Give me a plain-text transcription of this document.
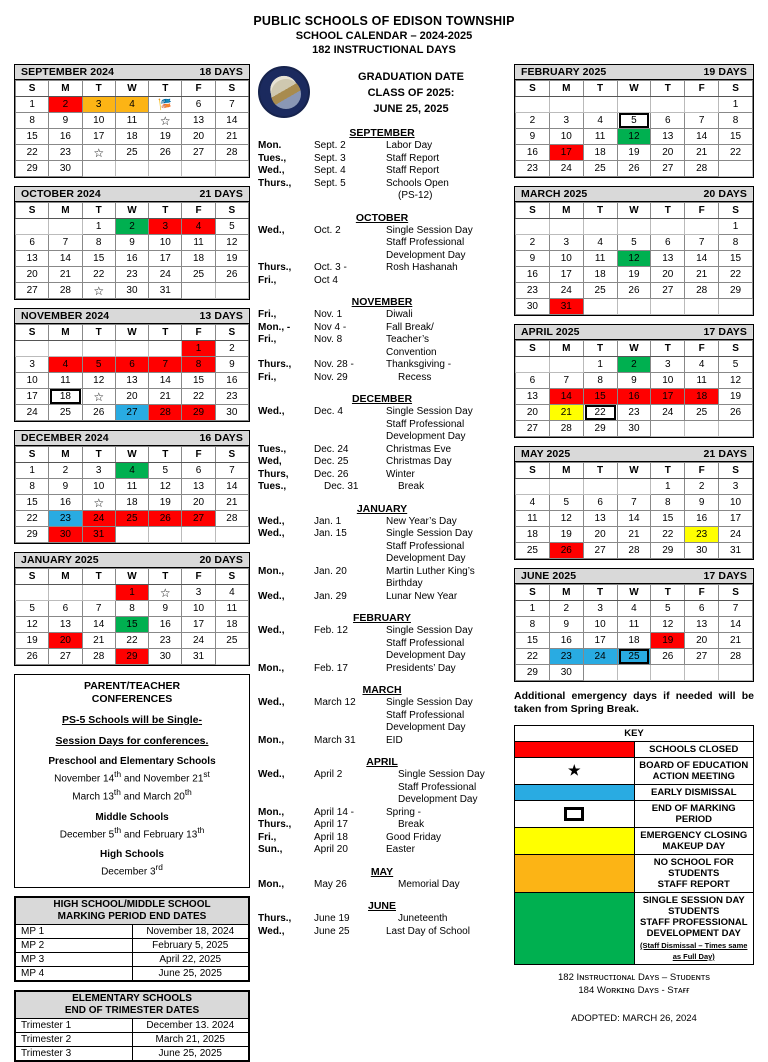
PUBLIC SCHOOLS OF EDISON TOWNSHIP
SCHOOL CALENDAR – 2024-2025
182 INSTRUCTIONAL DAYS
SEPTEMBER 2024	18 DAYS
S	M	T	W	T	F	S
1	2	3	4	🎏	6	7
8	9	10	11	☆	13	14
15	16	17	18	19	20	21
22	23	☆	25	26	27	28
29	30					
OCTOBER 2024	21 DAYS
S	M	T	W	T	F	S
		1	2	3	4	5
6	7	8	9	10	11	12
13	14	15	16	17	18	19
20	21	22	23	24	25	26
27	28	☆	30	31		
NOVEMBER 2024	13 DAYS
S	M	T	W	T	F	S
					1	2
3	4	5	6	7	8	9
10	11	12	13	14	15	16
17	18	☆	20	21	22	23
24	25	26	27	28	29	30
DECEMBER 2024	16 DAYS
S	M	T	W	T	F	S
1	2	3	4	5	6	7
8	9	10	11	12	13	14
15	16	☆	18	19	20	21
22	23	24	25	26	27	28
29	30	31				
JANUARY 2025	20 DAYS
S	M	T	W	T	F	S
			1	☆	3	4
5	6	7	8	9	10	11
12	13	14	15	16	17	18
19	20	21	22	23	24	25
26	27	28	29	30	31	
PARENT/TEACHER
CONFERENCES
PS-5 Schools will be Single-
Session Days for conferences.
Preschool and Elementary Schools
November 14th and November 21st
March 13th and March 20th
Middle Schools
December 5th and February 13th
High Schools
December 3rd
HIGH SCHOOL/MIDDLE SCHOOL
MARKING PERIOD END DATES	
MP 1	November 18, 2024
MP 2	February 5, 2025
MP 3	April 22, 2025
MP 4	June 25, 2025
ELEMENTARY SCHOOLS
END OF TRIMESTER DATES	
Trimester 1	December 13. 2024
Trimester 2	March 21, 2025
Trimester 3	June 25, 2025
GRADUATION DATE
CLASS OF 2025:
JUNE 25, 2025
SEPTEMBER
Mon.	Sept. 2	Labor Day
Tues.,	Sept. 3	Staff Report
Wed.,	Sept. 4	Staff Report
Thurs.,	Sept. 5	Schools Open
		(PS-12)
OCTOBER
Wed.,	Oct. 2	Single Session Day
		Staff Professional
		Development Day
Thurs.,	Oct. 3 -	Rosh Hashanah
Fri.,	Oct 4	
NOVEMBER
Fri.,	Nov. 1	Diwali
Mon., -	Nov 4 -	Fall Break/
Fri.,	Nov. 8	Teacher’s
		Convention
Thurs.,	Nov. 28 -	Thanksgiving -
Fri.,	Nov. 29	Recess
DECEMBER
Wed.,	Dec. 4	Single Session Day
		Staff Professional
		Development Day
Tues.,	Dec. 24	Christmas Eve
Wed,	Dec. 25	Christmas Day
Thurs,	Dec. 26	Winter
Tues.,	Dec. 31	Break
JANUARY
Wed.,	Jan. 1	New Year’s Day
Wed.,	Jan. 15	Single Session Day
		Staff Professional
		Development Day
Mon.,	Jan. 20	Martin Luther King’s
		Birthday
Wed.,	Jan. 29	Lunar New Year
FEBRUARY
Wed.,	Feb. 12	Single Session Day
		Staff Professional
		Development Day
Mon.,	Feb. 17	Presidents’ Day
MARCH
Wed.,	March 12	Single Session Day
		Staff Professional
		Development Day
Mon.,	March 31	EID
APRIL
Wed.,	April 2	Single Session Day
		Staff Professional
		Development Day
Mon.,	April 14 -	Spring -
Thurs.,	April 17	Break
Fri.,	April 18	Good Friday
Sun.,	April 20	Easter
MAY
Mon.,	May 26	Memorial Day
JUNE
Thurs.,	June 19	Juneteenth
Wed.,	June 25	Last Day of School
FEBRUARY 2025	19 DAYS
S	M	T	W	T	F	S
						1
2	3	4	5	6	7	8
9	10	11	12	13	14	15
16	17	18	19	20	21	22
23	24	25	26	27	28	
MARCH 2025	20 DAYS
S	M	T	W	T	F	S
						1
2	3	4	5	6	7	8
9	10	11	12	13	14	15
16	17	18	19	20	21	22
23	24	25	26	27	28	29
30	31					
APRIL 2025	17 DAYS
S	M	T	W	T	F	S
		1	2	3	4	5
6	7	8	9	10	11	12
13	14	15	16	17	18	19
20	21	22	23	24	25	26
27	28	29	30			
MAY 2025	21 DAYS
S	M	T	W	T	F	S
				1	2	3
4	5	6	7	8	9	10
11	12	13	14	15	16	17
18	19	20	21	22	23	24
25	26	27	28	29	30	31
JUNE 2025	17 DAYS
S	M	T	W	T	F	S
1	2	3	4	5	6	7
8	9	10	11	12	13	14
15	16	17	18	19	20	21
22	23	24	25	26	27	28
29	30					
Additional emergency days if needed will be taken from Spring Break.
KEY	
	SCHOOLS CLOSED
★	BOARD OF EDUCATION
ACTION MEETING
	EARLY DISMISSAL

	END OF MARKING PERIOD
	EMERGENCY CLOSING
MAKEUP DAY
	NO SCHOOL FOR STUDENTS
STAFF REPORT
	SINGLE SESSION DAY
STUDENTS
STAFF PROFESSIONAL
DEVELOPMENT DAY
(Staff Dismissal – Times same as Full Day)
182 Iɴѕᴛʀᴜᴄᴛɪᴏɴᴀʟ Dᴀʏѕ – Sᴛᴜᴅᴇɴᴛѕ
184 Wᴏʀᴋɪɴɢ Dᴀʏѕ - Sᴛᴀғғ
ADOPTED: MARCH 26, 2024
